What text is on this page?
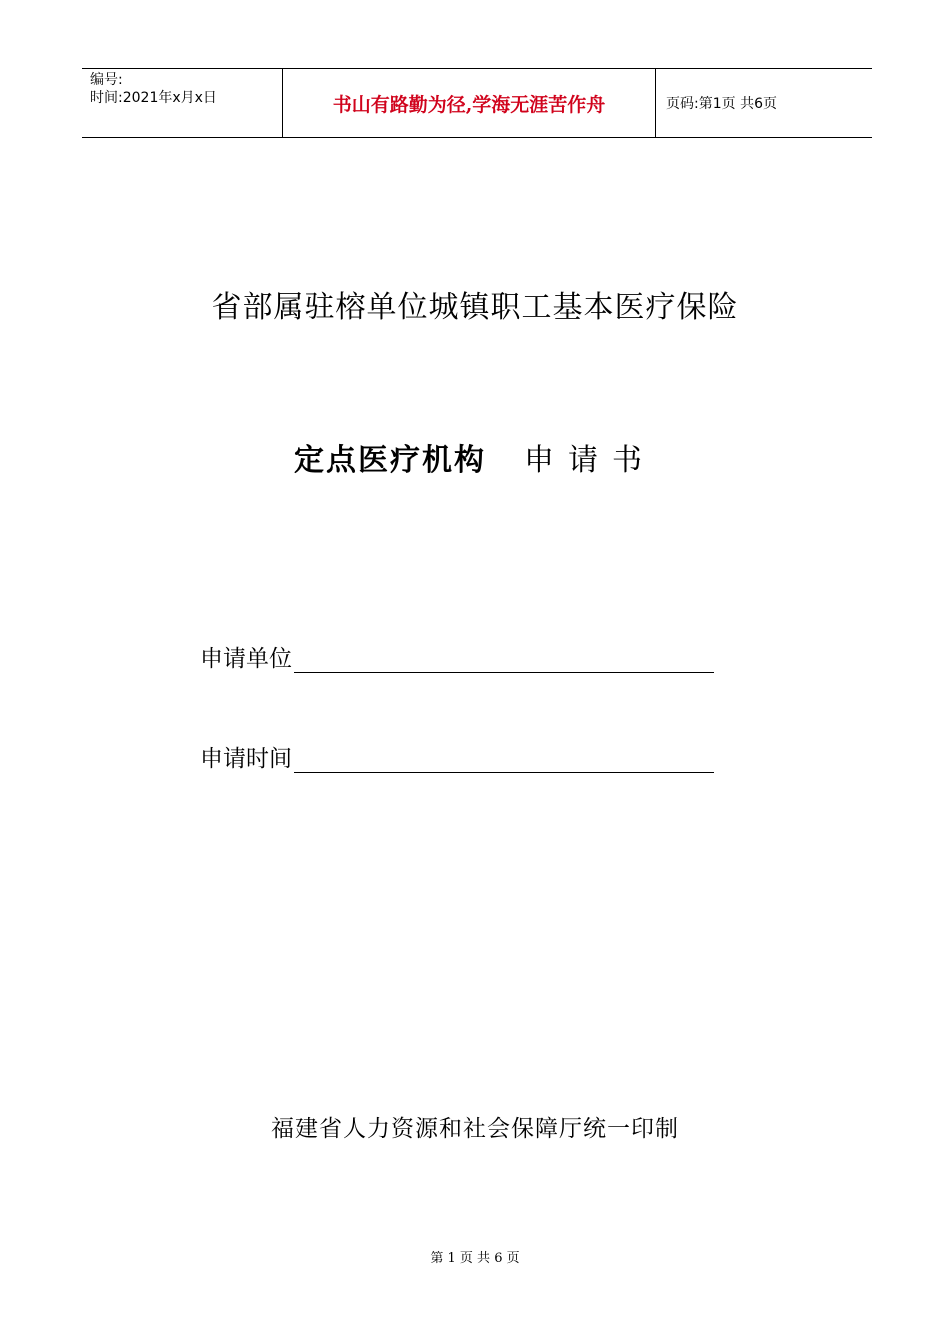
编号:
时间:2021年x月x日	书山有路勤为径,学海无涯苦作舟	页码:第1页 共6页
省部属驻榕单位城镇职工基本医疗保险
定点医疗机构 申请书
申请单位
申请时间
福建省人力资源和社会保障厅统一印制
第 1 页 共 6 页
